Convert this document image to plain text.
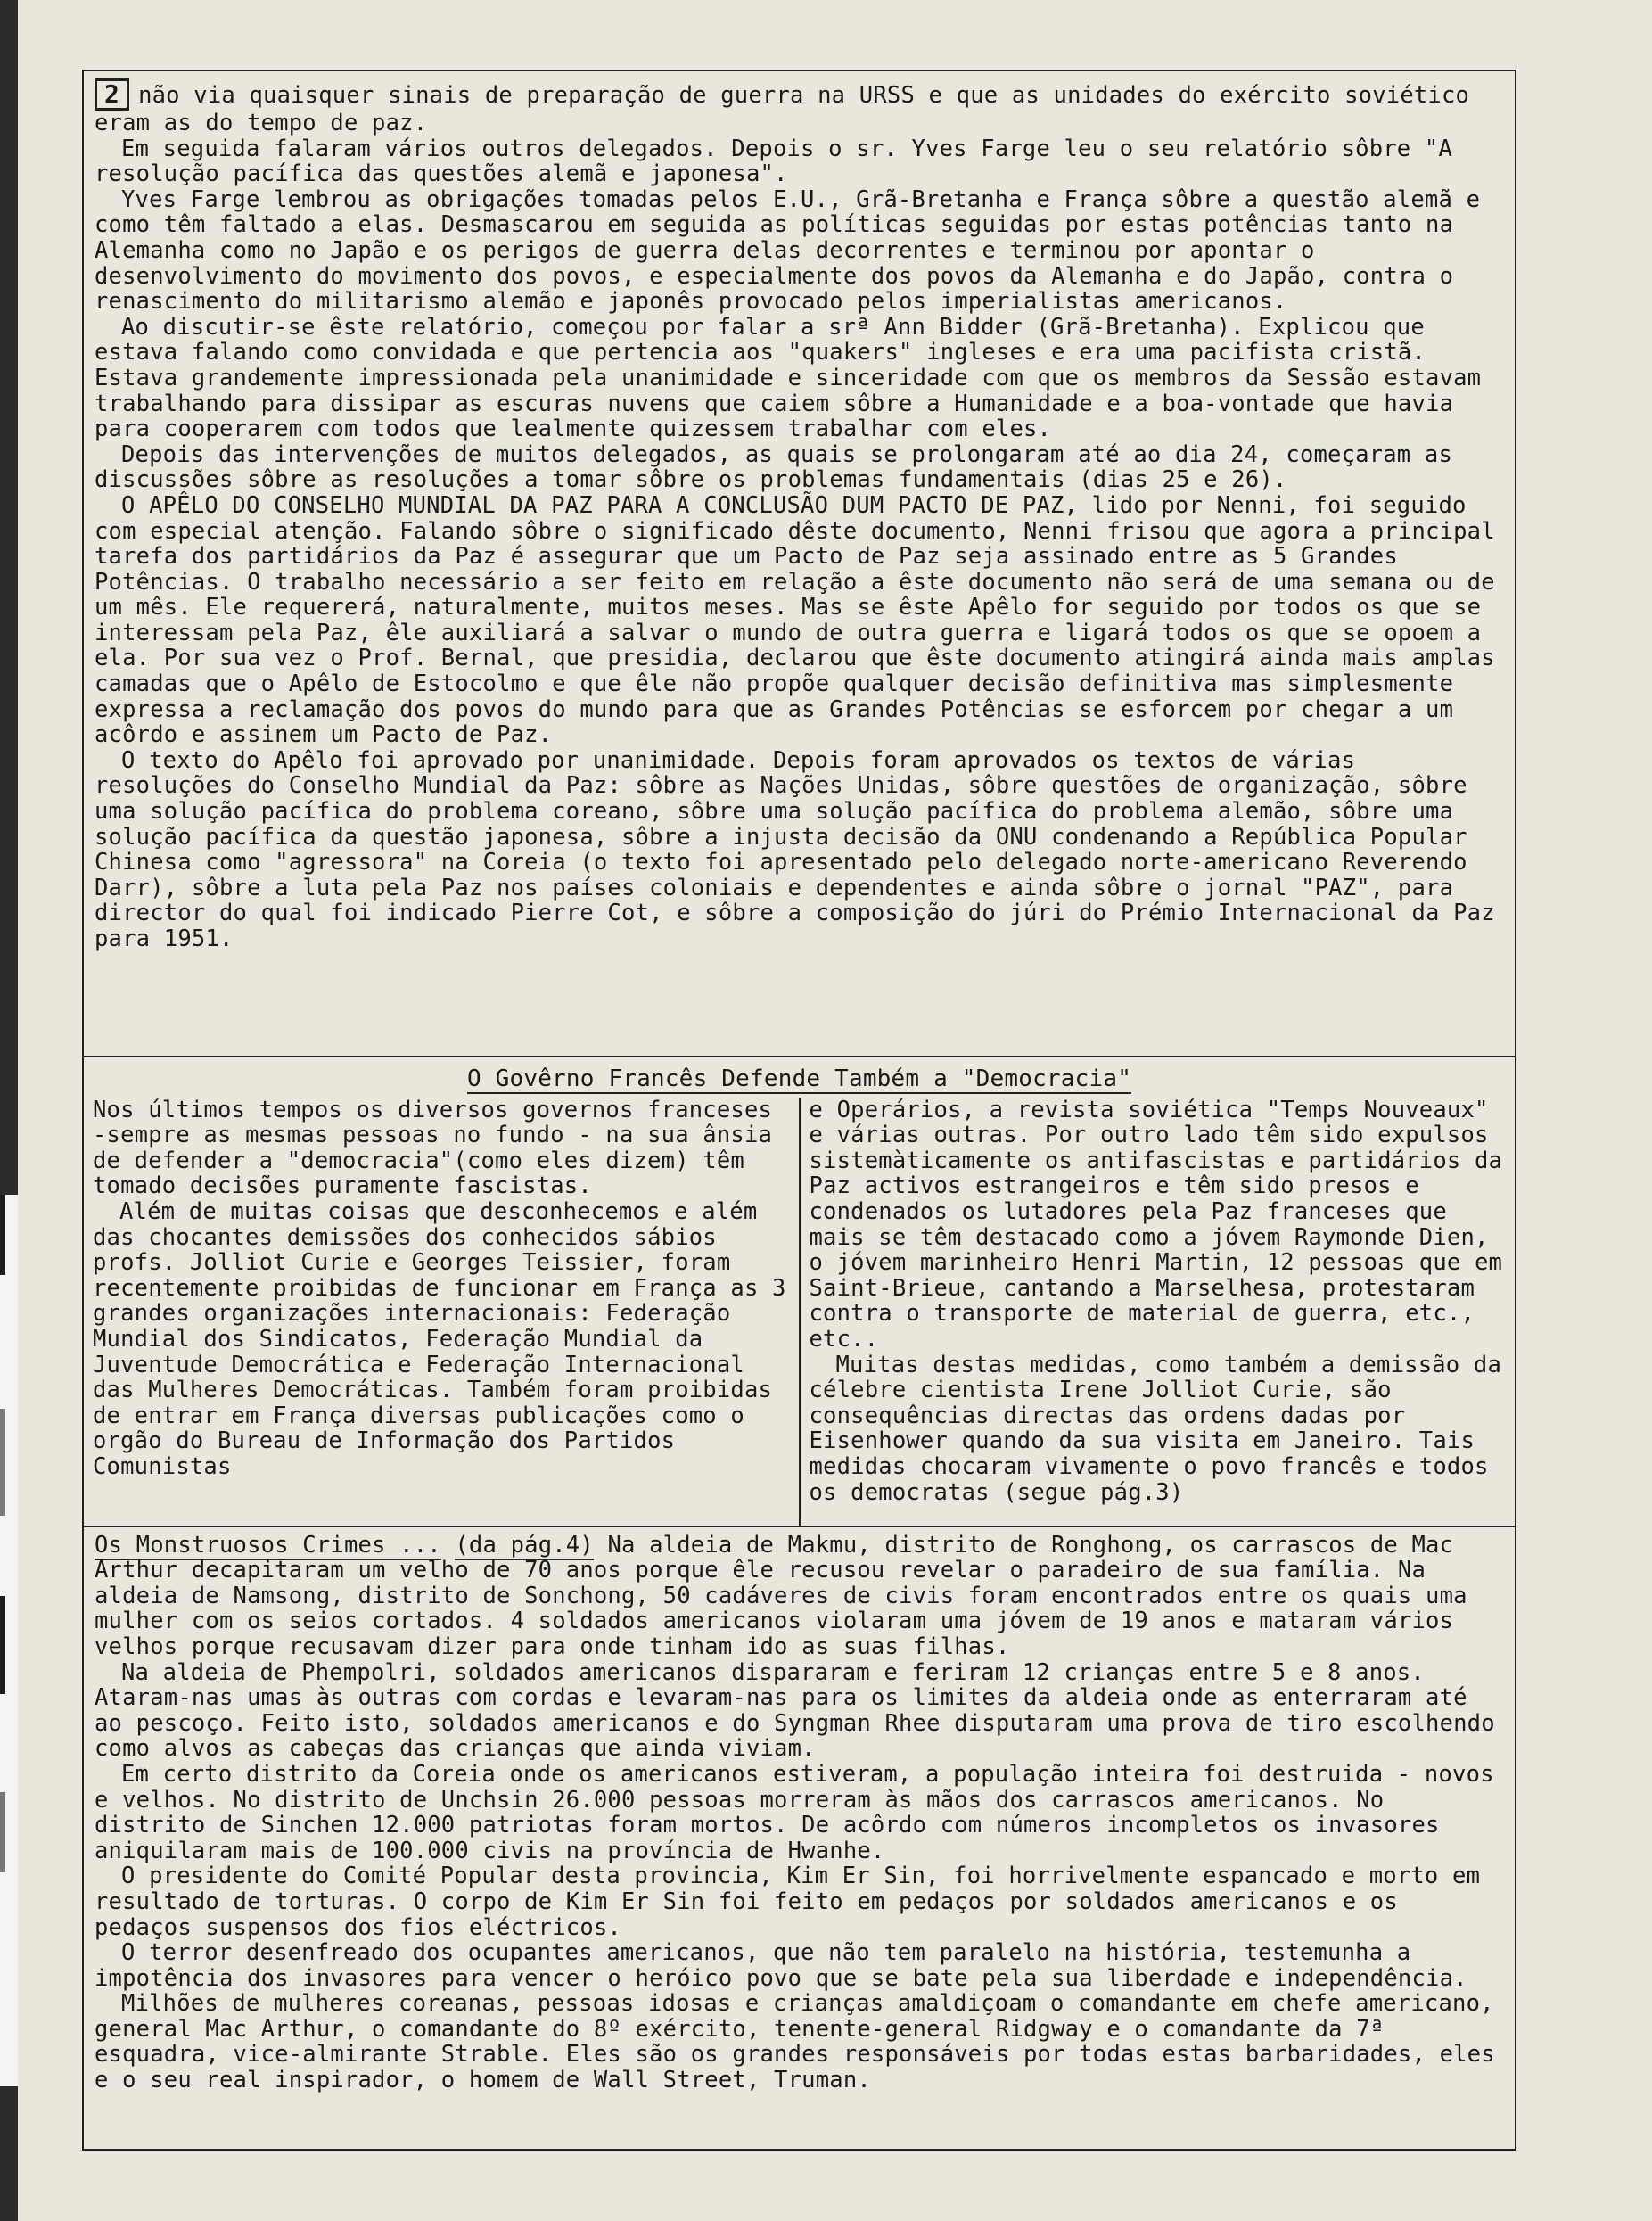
2 não via quaisquer sinais de preparação de guerra na URSS e que as unidades do exército soviético eram as do tempo de paz.

Em seguida falaram vários outros delegados. Depois o sr. Yves Farge leu o seu relatório sôbre "A resolução pacífica das questões alemã e japonesa".

Yves Farge lembrou as obrigações tomadas pelos E.U., Grã-Bretanha e França sôbre a questão alemã e como têm faltado a elas. Desmascarou em seguida as políticas seguidas por estas potências tanto na Alemanha como no Japão e os perigos de guerra delas decorrentes e terminou por apontar o desenvolvimento do movimento dos povos, e especialmente dos povos da Alemanha e do Japão, contra o renascimento do militarismo alemão e japonês provocado pelos imperialistas americanos.

Ao discutir-se êste relatório, começou por falar a srª Ann Bidder (Grã-Bretanha). Explicou que estava falando como convidada e que pertencia aos "quakers" ingleses e era uma pacifista cristã. Estava grandemente impressionada pela unanimidade e sinceridade com que os membros da Sessão estavam trabalhando para dissipar as escuras nuvens que caiem sôbre a Humanidade e a boa-vontade que havia para cooperarem com todos que lealmente quizessem trabalhar com eles.

Depois das intervenções de muitos delegados, as quais se prolongaram até ao dia 24, começaram as discussões sôbre as resoluções a tomar sôbre os problemas fundamentais (dias 25 e 26).

O APÊLO DO CONSELHO MUNDIAL DA PAZ PARA A CONCLUSÃO DUM PACTO DE PAZ, lido por Nenni, foi seguido com especial atenção. Falando sôbre o significado dêste documento, Nenni frisou que agora a principal tarefa dos partidários da Paz é assegurar que um Pacto de Paz seja assinado entre as 5 Grandes Potências. O trabalho necessário a ser feito em relação a êste documento não será de uma semana ou de um mês. Ele requererá, naturalmente, muitos meses. Mas se êste Apêlo for seguido por todos os que se interessam pela Paz, êle auxiliará a salvar o mundo de outra guerra e ligará todos os que se opoem a ela. Por sua vez o Prof. Bernal, que presidia, declarou que êste documento atingirá ainda mais amplas camadas que o Apêlo de Estocolmo e que êle não propõe qualquer decisão definitiva mas simplesmente expressa a reclamação dos povos do mundo para que as Grandes Potências se esforcem por chegar a um acôrdo e assinem um Pacto de Paz.

O texto do Apêlo foi aprovado por unanimidade. Depois foram aprovados os textos de várias resoluções do Conselho Mundial da Paz: sôbre as Nações Unidas, sôbre questões de organização, sôbre uma solução pacífica do problema coreano, sôbre uma solução pacífica do problema alemão, sôbre uma solução pacífica da questão japonesa, sôbre a injusta decisão da ONU condenando a República Popular Chinesa como "agressora" na Coreia (o texto foi apresentado pelo delegado norte-americano Reverendo Darr), sôbre a luta pela Paz nos países coloniais e dependentes e ainda sôbre o jornal "PAZ", para director do qual foi indicado Pierre Cot, e sôbre a composição do júri do Prémio Internacional da Paz para 1951.

O Govêrno Francês Defende Também a "Democracia"

Nos últimos tempos os diversos governos franceses -sempre as mesmas pessoas no fundo - na sua ânsia de defender a "democracia"(como eles dizem) têm tomado decisões puramente fascistas.

Além de muitas coisas que desconhecemos e além das chocantes demissões dos conhecidos sábios profs. Jolliot Curie e Georges Teissier, foram recentemente proibidas de funcionar em França as 3 grandes organizações internacionais: Federação Mundial dos Sindicatos, Federação Mundial da Juventude Democrática e Federação Internacional das Mulheres Democráticas. Também foram proibidas de entrar em França diversas publicações como o orgão do Bureau de Informação dos Partidos Comunistas

e Operários, a revista soviética "Temps Nouveaux" e várias outras. Por outro lado têm sido expulsos sistemàticamente os antifascistas e partidários da Paz activos estrangeiros e têm sido presos e condenados os lutadores pela Paz franceses que mais se têm destacado como a jóvem Raymonde Dien, o jóvem marinheiro Henri Martin, 12 pessoas que em Saint-Brieue, cantando a Marselhesa, protestaram contra o transporte de material de guerra, etc., etc..

Muitas destas medidas, como também a demissão da célebre cientista Irene Jolliot Curie, são consequências directas das ordens dadas por Eisenhower quando da sua visita em Janeiro. Tais medidas chocaram vivamente o povo francês e todos os democratas (segue pág.3)

Os Monstruosos Crimes ... (da pág.4) Na aldeia de Makmu, distrito de Ronghong, os carrascos de Mac Arthur decapitaram um velho de 70 anos porque êle recusou revelar o paradeiro de sua família. Na aldeia de Namsong, distrito de Sonchong, 50 cadáveres de civis foram encontrados entre os quais uma mulher com os seios cortados. 4 soldados americanos violaram uma jóvem de 19 anos e mataram vários velhos porque recusavam dizer para onde tinham ido as suas filhas.

Na aldeia de Phempolri, soldados americanos dispararam e feriram 12 crianças entre 5 e 8 anos. Ataram-nas umas às outras com cordas e levaram-nas para os limites da aldeia onde as enterraram até ao pescoço. Feito isto, soldados americanos e do Syngman Rhee disputaram uma prova de tiro escolhendo como alvos as cabeças das crianças que ainda viviam.

Em certo distrito da Coreia onde os americanos estiveram, a população inteira foi destruida - novos e velhos. No distrito de Unchsin 26.000 pessoas morreram às mãos dos carrascos americanos. No distrito de Sinchen 12.000 patriotas foram mortos. De acôrdo com números incompletos os invasores aniquilaram mais de 100.000 civis na província de Hwanhe.

O presidente do Comité Popular desta provincia, Kim Er Sin, foi horrivelmente espancado e morto em resultado de torturas. O corpo de Kim Er Sin foi feito em pedaços por soldados americanos e os pedaços suspensos dos fios eléctricos.

O terror desenfreado dos ocupantes americanos, que não tem paralelo na história, testemunha a impotência dos invasores para vencer o heróico povo que se bate pela sua liberdade e independência.

Milhões de mulheres coreanas, pessoas idosas e crianças amaldiçoam o comandante em chefe americano, general Mac Arthur, o comandante do 8º exército, tenente-general Ridgway e o comandante da 7ª esquadra, vice-almirante Strable. Eles são os grandes responsáveis por todas estas barbaridades, eles e o seu real inspirador, o homem de Wall Street, Truman.
